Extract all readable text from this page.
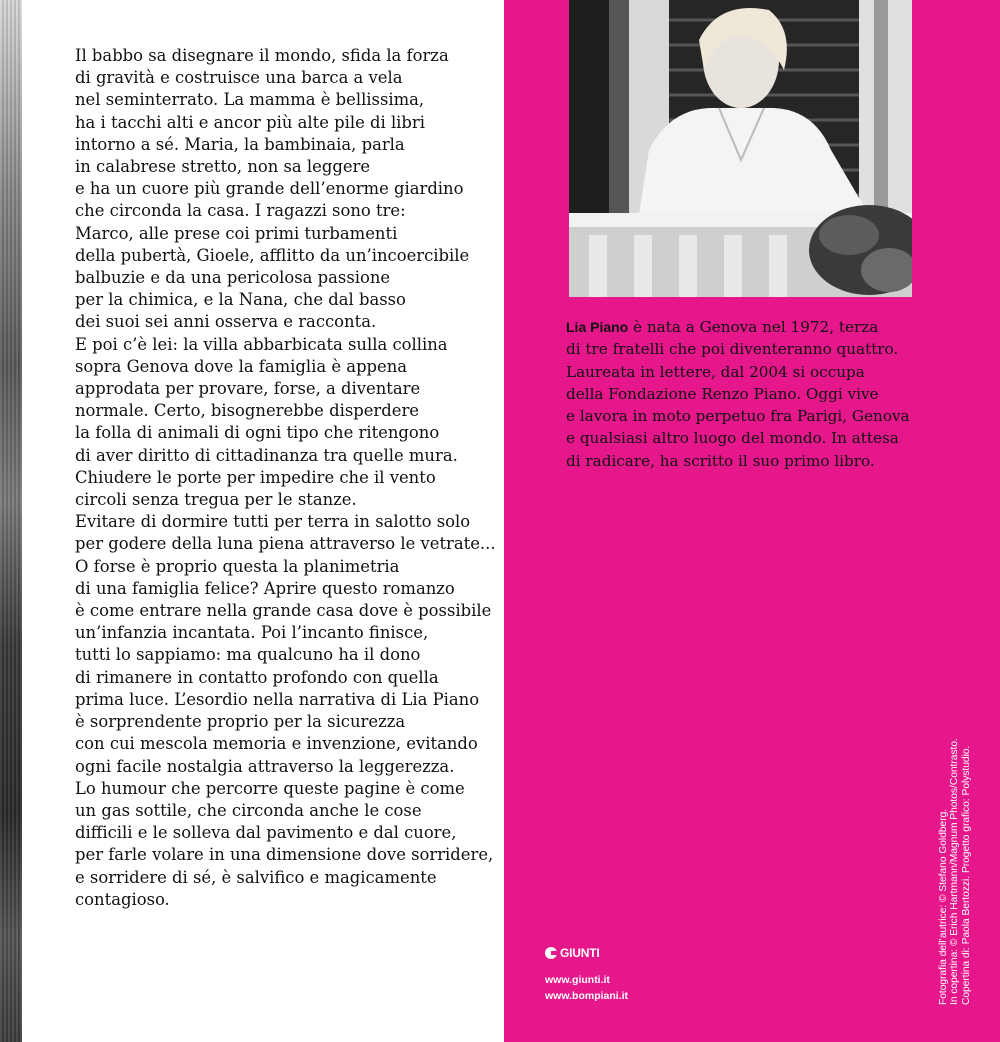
Il babbo sa disegnare il mondo, sfida la forza
di gravità e costruisce una barca a vela
nel seminterrato. La mamma è bellissima,
ha i tacchi alti e ancor più alte pile di libri
intorno a sé. Maria, la bambinaia, parla
in calabrese stretto, non sa leggere
e ha un cuore più grande dell’enorme giardino
che circonda la casa. I ragazzi sono tre:
Marco, alle prese coi primi turbamenti
della pubertà, Gioele, afflitto da un’incoercibile
balbuzie e da una pericolosa passione
per la chimica, e la Nana, che dal basso
dei suoi sei anni osserva e racconta.
E poi c’è lei: la villa abbarbicata sulla collina
sopra Genova dove la famiglia è appena
approdata per provare, forse, a diventare
normale. Certo, bisognerebbe disperdere
la folla di animali di ogni tipo che ritengono
di aver diritto di cittadinanza tra quelle mura.
Chiudere le porte per impedire che il vento
circoli senza tregua per le stanze.
Evitare di dormire tutti per terra in salotto solo
per godere della luna piena attraverso le vetrate...
O forse è proprio questa la planimetria
di una famiglia felice? Aprire questo romanzo
è come entrare nella grande casa dove è possibile
un’infanzia incantata. Poi l’incanto finisce,
tutti lo sappiamo: ma qualcuno ha il dono
di rimanere in contatto profondo con quella
prima luce. L’esordio nella narrativa di Lia Piano
è sorprendente proprio per la sicurezza
con cui mescola memoria e invenzione, evitando
ogni facile nostalgia attraverso la leggerezza.
Lo humour che percorre queste pagine è come
un gas sottile, che circonda anche le cose
difficili e le solleva dal pavimento e dal cuore,
per farle volare in una dimensione dove sorridere,
e sorridere di sé, è salvifico e magicamente
contagioso.
Lia Piano è nata a Genova nel 1972, terza
di tre fratelli che poi diventeranno quattro.
Laureata in lettere, dal 2004 si occupa
della Fondazione Renzo Piano. Oggi vive
e lavora in moto perpetuo fra Parigi, Genova
e qualsiasi altro luogo del mondo. In attesa
di radicare, ha scritto il suo primo libro.
GIUNTI
www.giunti.it
www.bompiani.it	Fotografia dell’autrice: © Stefano Goldberg. In copertina: © Erich Hartmann/Magnum Photos/Contrasto. Copertina di: Paola Bertozzi. Progetto grafico: Polystudio.
